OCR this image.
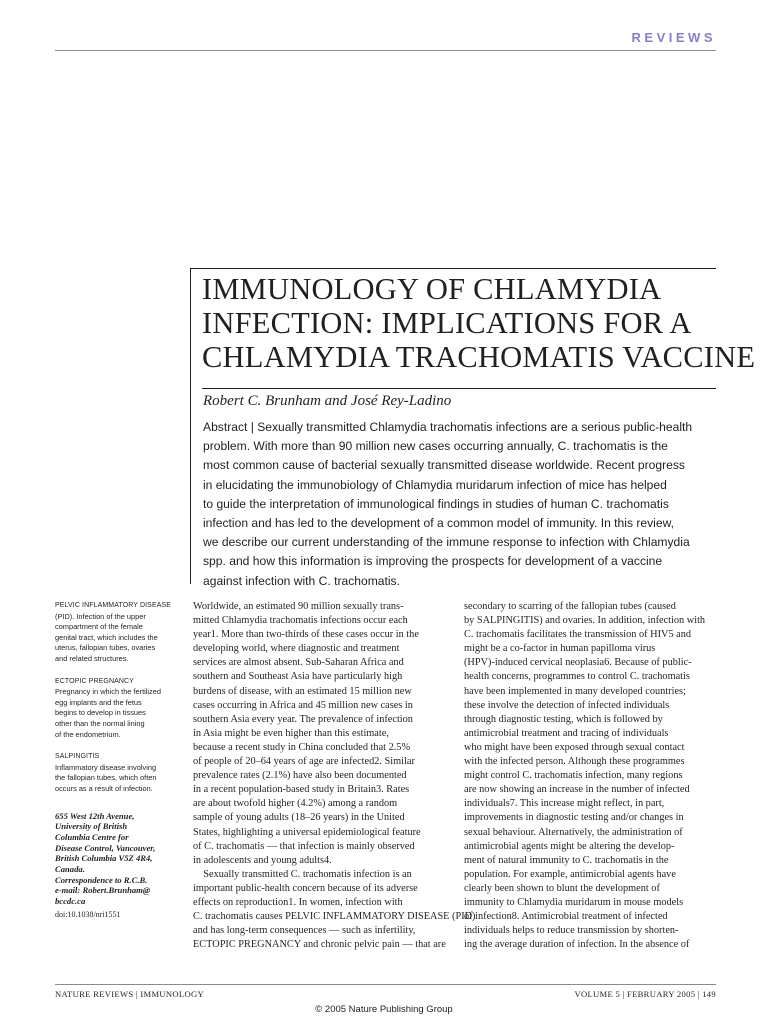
REVIEWS
IMMUNOLOGY OF CHLAMYDIA
INFECTION: IMPLICATIONS FOR A
CHLAMYDIA TRACHOMATIS VACCINE
Robert C. Brunham and José Rey-Ladino
Abstract | Sexually transmitted Chlamydia trachomatis infections are a serious public-health
problem. With more than 90 million new cases occurring annually, C. trachomatis is the
most common cause of bacterial sexually transmitted disease worldwide. Recent progress
in elucidating the immunobiology of Chlamydia muridarum infection of mice has helped
to guide the interpretation of immunological findings in studies of human C. trachomatis
infection and has led to the development of a common model of immunity. In this review,
we describe our current understanding of the immune response to infection with Chlamydia
spp. and how this information is improving the prospects for development of a vaccine
against infection with C. trachomatis.
PELVIC INFLAMMATORY DISEASE
(PID). Infection of the upper
compartment of the female
genital tract, which includes the
uterus, fallopian tubes, ovaries
and related structures.
ECTOPIC PREGNANCY
Pregnancy in which the fertilized
egg implants and the fetus
begins to develop in tissues
other than the normal lining
of the endometrium.
SALPINGITIS
Inflammatory disease involving
the fallopian tubes, which often
occurs as a result of infection.
655 West 12th Avenue,
University of British
Columbia Centre for
Disease Control, Vancouver,
British Columbia V5Z 4R4,
Canada.
Correspondence to R.C.B.
e-mail: Robert.Brunham@
bccdc.ca
doi:10.1038/nri1551
Worldwide, an estimated 90 million sexually trans-
mitted Chlamydia trachomatis infections occur each
year1. More than two-thirds of these cases occur in the
developing world, where diagnostic and treatment
services are almost absent. Sub-Saharan Africa and
southern and Southeast Asia have particularly high
burdens of disease, with an estimated 15 million new
cases occurring in Africa and 45 million new cases in
southern Asia every year. The prevalence of infection
in Asia might be even higher than this estimate,
because a recent study in China concluded that 2.5%
of people of 20–64 years of age are infected2. Similar
prevalence rates (2.1%) have also been documented
in a recent population-based study in Britain3. Rates
are about twofold higher (4.2%) among a random
sample of young adults (18–26 years) in the United
States, highlighting a universal epidemiological feature
of C. trachomatis — that infection is mainly observed
in adolescents and young adults4.
Sexually transmitted C. trachomatis infection is an
important public-health concern because of its adverse
effects on reproduction1. In women, infection with
C. trachomatis causes PELVIC INFLAMMATORY DISEASE (PID)
and has long-term consequences — such as infertility,
ECTOPIC PREGNANCY and chronic pelvic pain — that are
secondary to scarring of the fallopian tubes (caused
by SALPINGITIS) and ovaries. In addition, infection with
C. trachomatis facilitates the transmission of HIV5 and
might be a co-factor in human papilloma virus
(HPV)-induced cervical neoplasia6. Because of public-
health concerns, programmes to control C. trachomatis
have been implemented in many developed countries;
these involve the detection of infected individuals
through diagnostic testing, which is followed by
antimicrobial treatment and tracing of individuals
who might have been exposed through sexual contact
with the infected person. Although these programmes
might control C. trachomatis infection, many regions
are now showing an increase in the number of infected
individuals7. This increase might reflect, in part,
improvements in diagnostic testing and/or changes in
sexual behaviour. Alternatively, the administration of
antimicrobial agents might be altering the develop-
ment of natural immunity to C. trachomatis in the
population. For example, antimicrobial agents have
clearly been shown to blunt the development of
immunity to Chlamydia muridarum in mouse models
of infection8. Antimicrobial treatment of infected
individuals helps to reduce transmission by shorten-
ing the average duration of infection. In the absence of
NATURE REVIEWS | IMMUNOLOGY	VOLUME 5 | FEBRUARY 2005 | 149
© 2005 Nature Publishing Group
